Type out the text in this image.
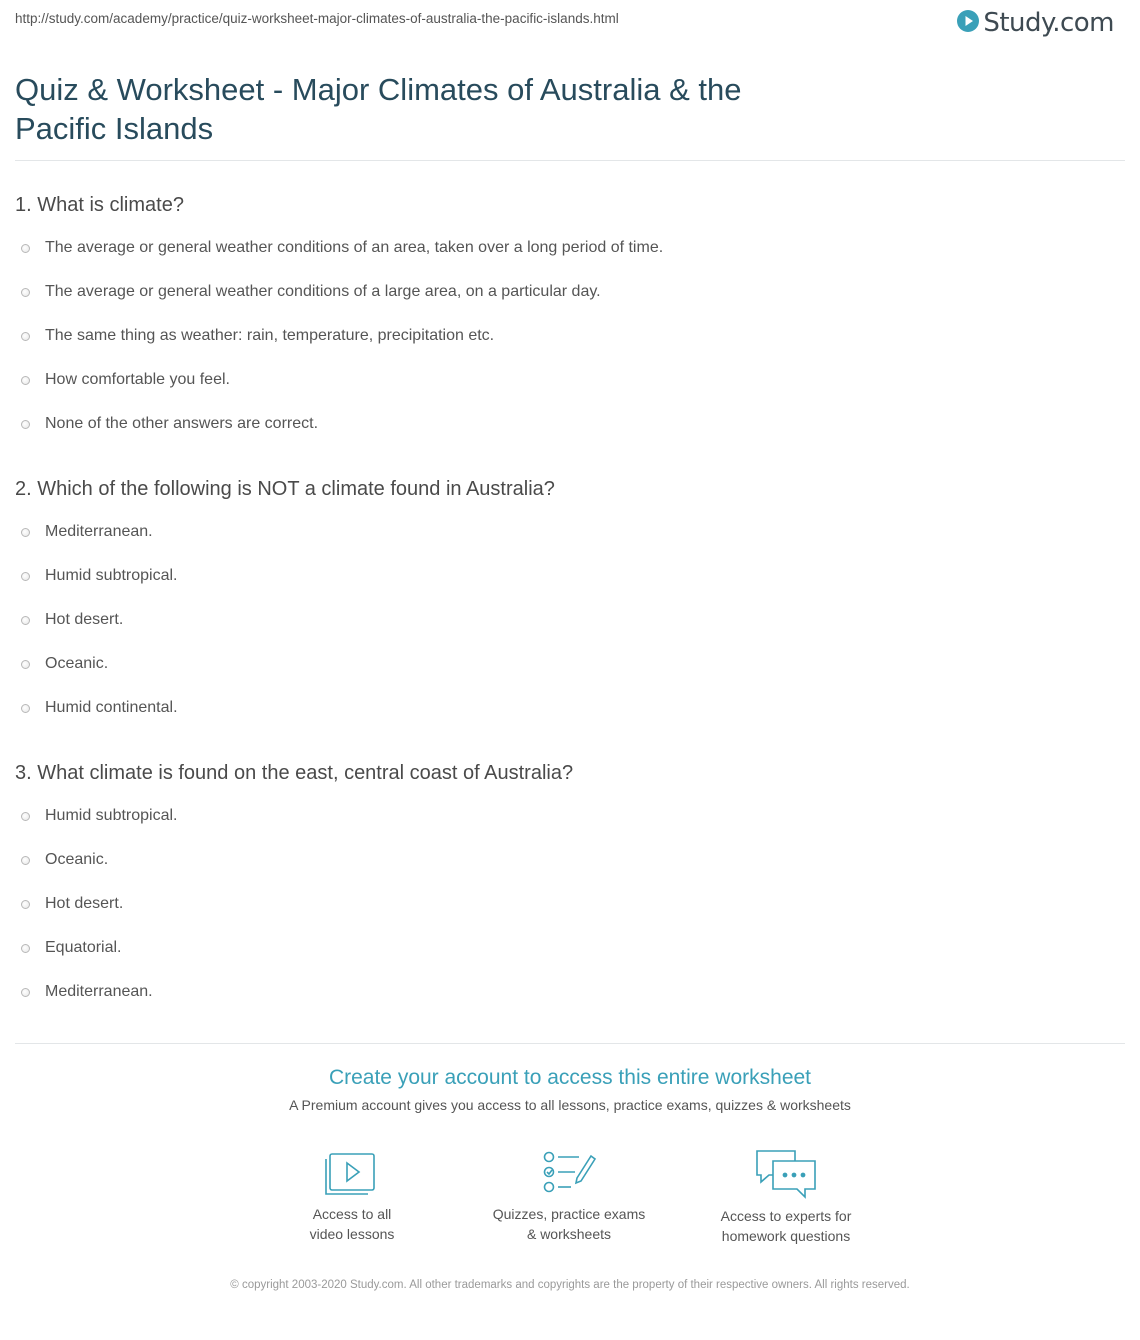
http://study.com/academy/practice/quiz-worksheet-major-climates-of-australia-the-pacific-islands.html	Study.com
Quiz & Worksheet - Major Climates of Australia & the Pacific Islands
1. What is climate?
The average or general weather conditions of an area, taken over a long period of time.
The average or general weather conditions of a large area, on a particular day.
The same thing as weather: rain, temperature, precipitation etc.
How comfortable you feel.
None of the other answers are correct.
2. Which of the following is NOT a climate found in Australia?
Mediterranean.
Humid subtropical.
Hot desert.
Oceanic.
Humid continental.
3. What climate is found on the east, central coast of Australia?
Humid subtropical.
Oceanic.
Hot desert.
Equatorial.
Mediterranean.
Create your account to access this entire worksheet
A Premium account gives you access to all lessons, practice exams, quizzes & worksheets
Access to all
video lessons
Quizzes, practice exams
& worksheets
Access to experts for
homework questions
© copyright 2003-2020 Study.com. All other trademarks and copyrights are the property of their respective owners. All rights reserved.
